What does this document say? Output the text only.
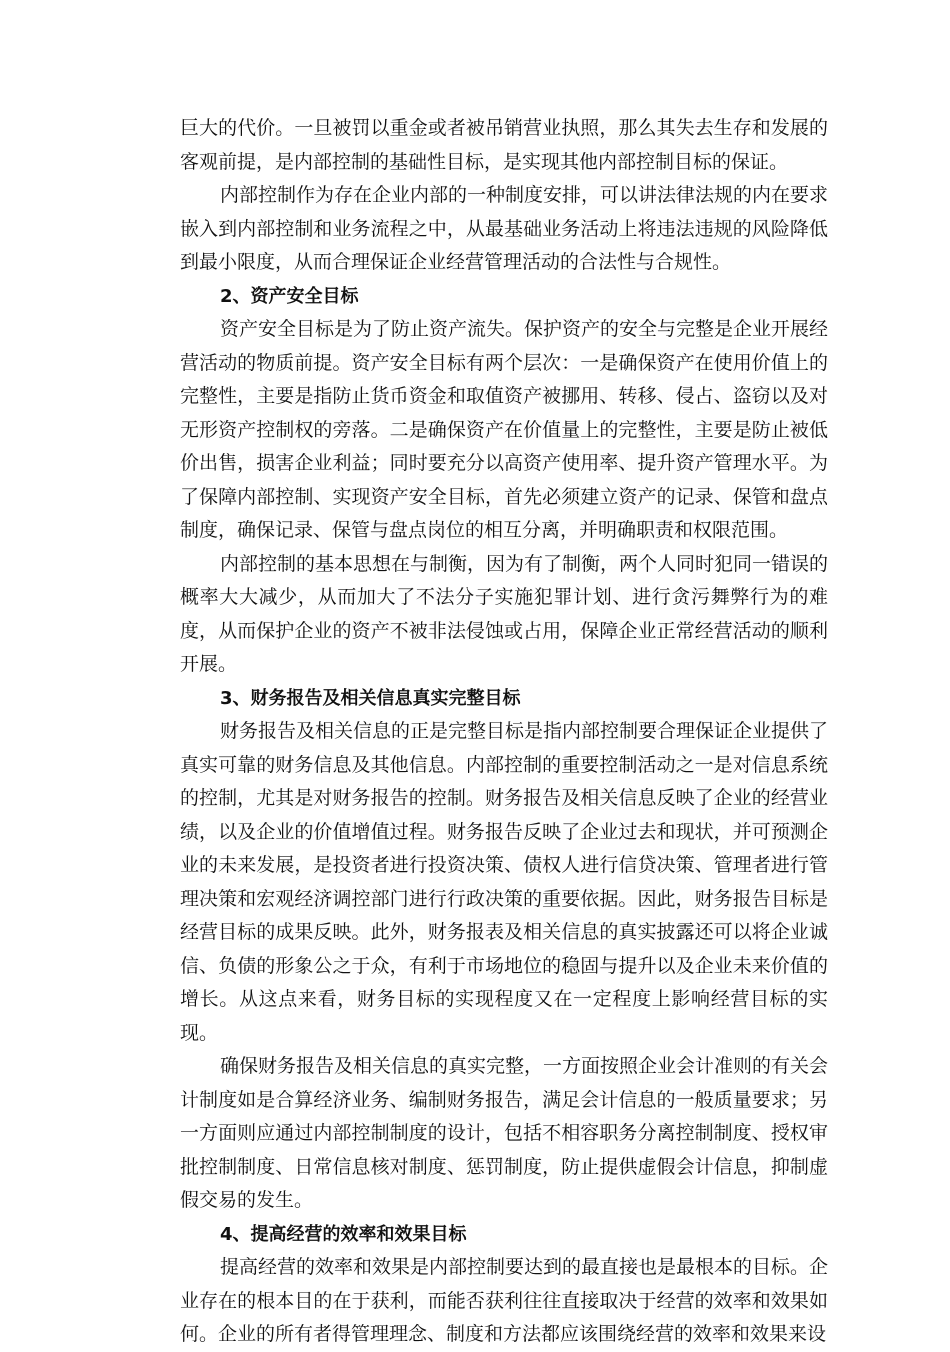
巨大的代价。一旦被罚以重金或者被吊销营业执照，那么其失去生存和发展的客观前提，是内部控制的基础性目标，是实现其他内部控制目标的保证。

内部控制作为存在企业内部的一种制度安排，可以讲法律法规的内在要求嵌入到内部控制和业务流程之中，从最基础业务活动上将违法违规的风险降低到最小限度，从而合理保证企业经营管理活动的合法性与合规性。

2、资产安全目标

资产安全目标是为了防止资产流失。保护资产的安全与完整是企业开展经营活动的物质前提。资产安全目标有两个层次：一是确保资产在使用价值上的完整性，主要是指防止货币资金和取值资产被挪用、转移、侵占、盗窃以及对无形资产控制权的旁落。二是确保资产在价值量上的完整性，主要是防止被低价出售，损害企业利益；同时要充分以高资产使用率、提升资产管理水平。为了保障内部控制、实现资产安全目标，首先必须建立资产的记录、保管和盘点制度，确保记录、保管与盘点岗位的相互分离，并明确职责和权限范围。

内部控制的基本思想在与制衡，因为有了制衡，两个人同时犯同一错误的概率大大减少，从而加大了不法分子实施犯罪计划、进行贪污舞弊行为的难度，从而保护企业的资产不被非法侵蚀或占用，保障企业正常经营活动的顺利开展。

3、财务报告及相关信息真实完整目标

财务报告及相关信息的正是完整目标是指内部控制要合理保证企业提供了真实可靠的财务信息及其他信息。内部控制的重要控制活动之一是对信息系统的控制，尤其是对财务报告的控制。财务报告及相关信息反映了企业的经营业绩，以及企业的价值增值过程。财务报告反映了企业过去和现状，并可预测企业的未来发展，是投资者进行投资决策、债权人进行信贷决策、管理者进行管理决策和宏观经济调控部门进行行政决策的重要依据。因此，财务报告目标是经营目标的成果反映。此外，财务报表及相关信息的真实披露还可以将企业诚信、负债的形象公之于众，有利于市场地位的稳固与提升以及企业未来价值的增长。从这点来看，财务目标的实现程度又在一定程度上影响经营目标的实现。

确保财务报告及相关信息的真实完整，一方面按照企业会计准则的有关会计制度如是合算经济业务、编制财务报告，满足会计信息的一般质量要求；另一方面则应通过内部控制制度的设计，包括不相容职务分离控制制度、授权审批控制制度、日常信息核对制度、惩罚制度，防止提供虚假会计信息，抑制虚假交易的发生。

4、提高经营的效率和效果目标

提高经营的效率和效果是内部控制要达到的最直接也是最根本的目标。企业存在的根本目的在于获利，而能否获利往往直接取决于经营的效率和效果如何。企业的所有者得管理理念、制度和方法都应该围绕经营的效率和效果来设
